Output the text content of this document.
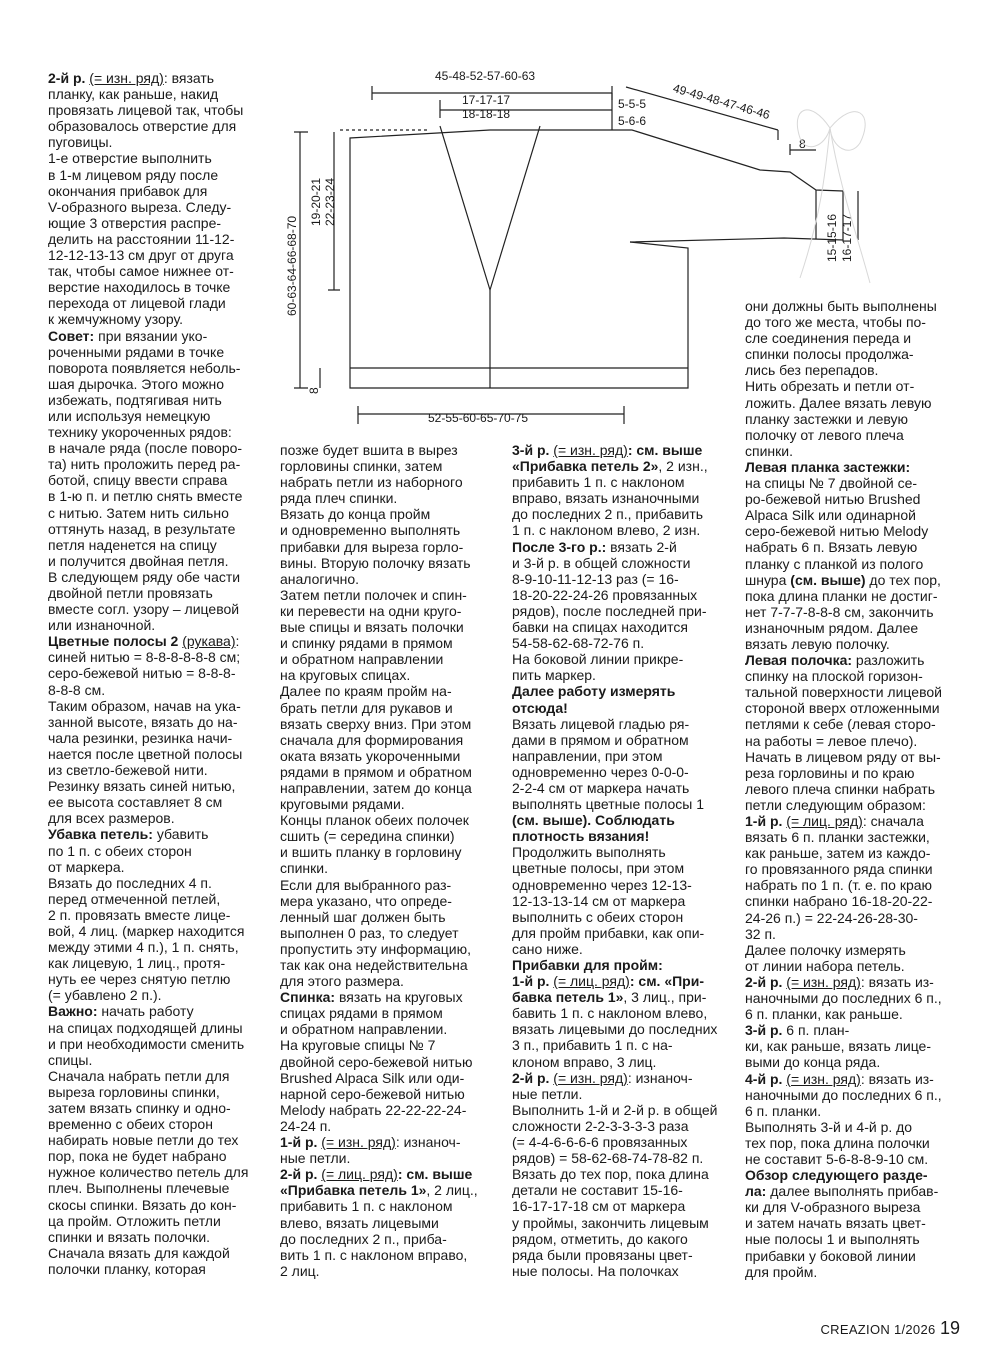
45-48-52-57-60-63
17-17-17
18-18-18
5-5-5
5-6-6 49-49-48-47-46-46
8
60-63-64-66-68-70
19-20-21 22-23-24
8
52-55-60-65-70-75
15-15-16 16-17-17
2-й р. (= изн. ряд): вязать
планку, как раньше, накид
провязать лицевой так, чтобы
образовалось отверстие для
пуговицы.
1-е отверстие выполнить
в 1-м лицевом ряду после
окончания прибавок для
V-образного выреза. Следу-
ющие 3 отверстия распре-
делить на расстоянии 11-12-
12-12-13-13 см друг от друга
так, чтобы самое нижнее от-
верстие находилось в точке
перехода от лицевой глади
к жемчужному узору.
Совет: при вязании уко-
роченными рядами в точке
поворота появляется неболь-
шая дырочка. Этого можно
избежать, подтягивая нить
или используя немецкую
технику укороченных рядов:
в начале ряда (после поворо-
та) нить проложить перед ра-
ботой, спицу ввести справа
в 1-ю п. и петлю снять вместе
с нитью. Затем нить сильно
оттянуть назад, в результате
петля наденется на спицу
и получится двойная петля.
В следующем ряду обе части
двойной петли провязать
вместе согл. узору – лицевой
или изнаночной.
Цветные полосы 2 (рукава):
синей нитью = 8-8-8-8-8-8 см;
серо-бежевой нитью = 8-8-8-
8-8-8 см.
Таким образом, начав на ука-
занной высоте, вязать до на-
чала резинки, резинка начи-
нается после цветной полосы
из светло-бежевой нити.
Резинку вязать синей нитью,
ее высота составляет 8 см
для всех размеров.
Убавка петель: убавить
по 1 п. с обеих сторон
от маркера.
Вязать до последних 4 п.
перед отмеченной петлей,
2 п. провязать вместе лице-
вой, 4 лиц. (маркер находится
между этими 4 п.), 1 п. снять,
как лицевую, 1 лиц., протя-
нуть ее через снятую петлю
(= убавлено 2 п.).
Важно: начать работу
на спицах подходящей длины
и при необходимости сменить
спицы.
Сначала набрать петли для
выреза горловины спинки,
затем вязать спинку и одно-
временно с обеих сторон
набирать новые петли до тех
пор, пока не будет набрано
нужное количество петель для
плеч. Выполнены плечевые
скосы спинки. Вязать до кон-
ца пройм. Отложить петли
спинки и вязать полочки.
Сначала вязать для каждой
полочки планку, которая
позже будет вшита в вырез
горловины спинки, затем
набрать петли из наборного
ряда плеч спинки.
Вязать до конца пройм
и одновременно выполнять
прибавки для выреза горло-
вины. Вторую полочку вязать
аналогично.
Затем петли полочек и спин-
ки перевести на одни круго-
вые спицы и вязать полочки
и спинку рядами в прямом
и обратном направлении
на круговых спицах.
Далее по краям пройм на-
брать петли для рукавов и
вязать сверху вниз. При этом
сначала для формирования
оката вязать укороченными
рядами в прямом и обратном
направлении, затем до конца
круговыми рядами.
Концы планок обеих полочек
сшить (= середина спинки)
и вшить планку в горловину
спинки.
Если для выбранного раз-
мера указано, что опреде-
ленный шаг должен быть
выполнен 0 раз, то следует
пропустить эту информацию,
так как она недействительна
для этого размера.
Спинка: вязать на круговых
спицах рядами в прямом
и обратном направлении.
На круговые спицы № 7
двойной серо-бежевой нитью
Brushed Alpaca Silk или оди-
нарной серо-бежевой нитью
Melody набрать 22-22-22-24-
24-24 п.
1-й р. (= изн. ряд): изнаноч-
ные петли.
2-й р. (= лиц. ряд): см. выше
«Прибавка петель 1», 2 лиц.,
прибавить 1 п. с наклоном
влево, вязать лицевыми
до последних 2 п., приба-
вить 1 п. с наклоном вправо,
2 лиц.
3-й р. (= изн. ряд): см. выше
«Прибавка петель 2», 2 изн.,
прибавить 1 п. с наклоном
вправо, вязать изнаночными
до последних 2 п., прибавить
1 п. с наклоном влево, 2 изн.
После 3-го р.: вязать 2-й
и 3-й р. в общей сложности
8-9-10-11-12-13 раз (= 16-
18-20-22-24-26 провязанных
рядов), после последней при-
бавки на спицах находится
54-58-62-68-72-76 п.
На боковой линии прикре-
пить маркер.
Далее работу измерять
отсюда!
Вязать лицевой гладью ря-
дами в прямом и обратном
направлении, при этом
одновременно через 0-0-0-
2-2-4 см от маркера начать
выполнять цветные полосы 1
(см. выше). Соблюдать
плотность вязания!
Продолжить выполнять
цветные полосы, при этом
одновременно через 12-13-
12-13-13-14 см от маркера
выполнить с обеих сторон
для пройм прибавки, как опи-
сано ниже.
Прибавки для пройм:
1-й р. (= лиц. ряд): см. «При-
бавка петель 1», 3 лиц., при-
бавить 1 п. с наклоном влево,
вязать лицевыми до последних
3 п., прибавить 1 п. с на-
клоном вправо, 3 лиц.
2-й р. (= изн. ряд): изнаноч-
ные петли.
Выполнить 1-й и 2-й р. в общей
сложности 2-2-3-3-3-3 раза
(= 4-4-6-6-6-6 провязанных
рядов) = 58-62-68-74-78-82 п.
Вязать до тех пор, пока длина
детали не составит 15-16-
16-17-17-18 см от маркера
у проймы, закончить лицевым
рядом, отметить, до какого
ряда были провязаны цвет-
ные полосы. На полочках
они должны быть выполнены
до того же места, чтобы по-
сле соединения переда и
спинки полосы продолжа-
лись без перепадов.
Нить обрезать и петли от-
ложить. Далее вязать левую
планку застежки и левую
полочку от левого плеча
спинки.
Левая планка застежки:
на спицы № 7 двойной се-
ро-бежевой нитью Brushed
Alpaca Silk или одинарной
серо-бежевой нитью Melody
набрать 6 п. Вязать левую
планку с планкой из полого
шнура (см. выше) до тех пор,
пока длина планки не достиг-
нет 7-7-7-8-8-8 см, закончить
изнаночным рядом. Далее
вязать левую полочку.
Левая полочка: разложить
спинку на плоской горизон-
тальной поверхности лицевой
стороной вверх отложенными
петлями к себе (левая сторо-
на работы = левое плечо).
Начать в лицевом ряду от вы-
реза горловины и по краю
левого плеча спинки набрать
петли следующим образом:
1-й р. (= лиц. ряд): сначала
вязать 6 п. планки застежки,
как раньше, затем из каждо-
го провязанного ряда спинки
набрать по 1 п. (т. е. по краю
спинки набрано 16-18-20-22-
24-26 п.) = 22-24-26-28-30-
32 п.
Далее полочку измерять
от линии набора петель.
2-й р. (= изн. ряд): вязать из-
наночными до последних 6 п.,
6 п. планки, как раньше.
3-й р. 6 п. план-
ки, как раньше, вязать лице-
выми до конца ряда.
4-й р. (= изн. ряд): вязать из-
наночными до последних 6 п.,
6 п. планки.
Выполнять 3-й и 4-й р. до
тех пор, пока длина полочки
не составит 5-6-8-8-9-10 см.
Обзор следующего разде-
ла: далее выполнять прибав-
ки для V-образного выреза
и затем начать вязать цвет-
ные полосы 1 и выполнять
прибавки у боковой линии
для пройм.
CREAZION 1/2026 19
